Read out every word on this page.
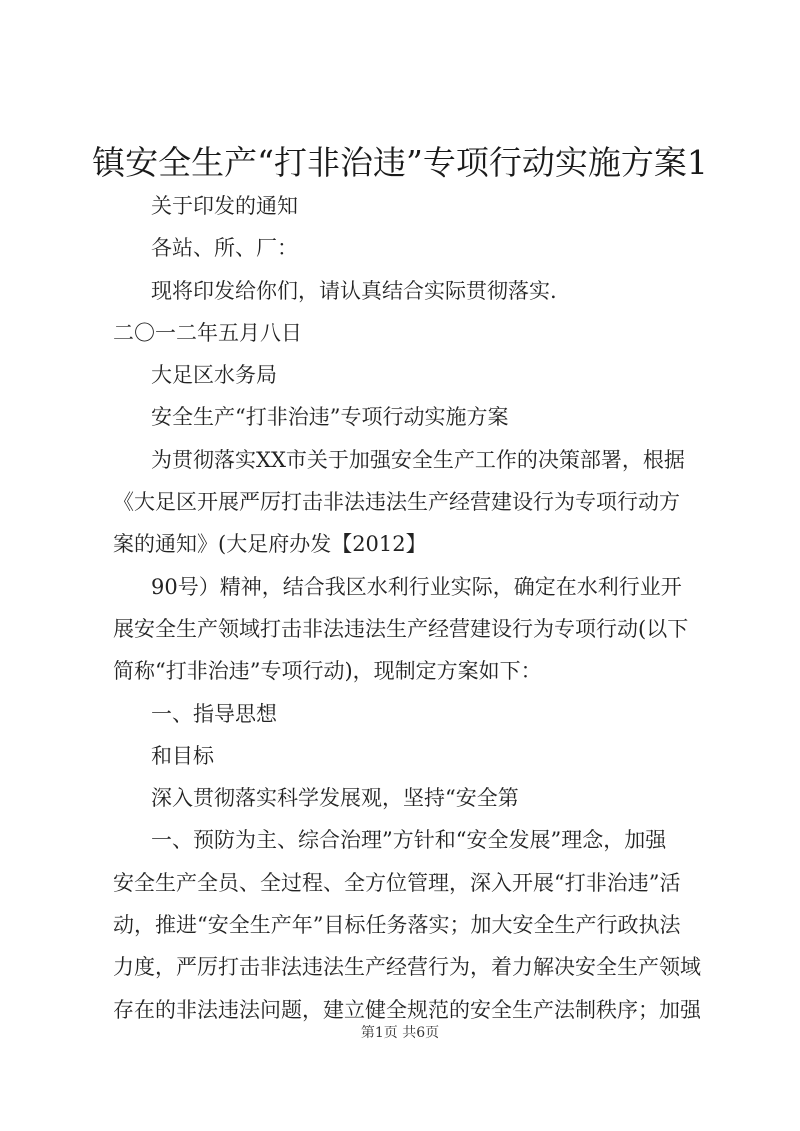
镇安全生产“打非治违”专项行动实施方案1
关于印发的通知
各站、所、厂：
现将印发给你们，请认真结合实际贯彻落实.
二〇一二年五月八日
大足区水务局
安全生产“打非治违”专项行动实施方案
为贯彻落实XX市关于加强安全生产工作的决策部署，根据
《大足区开展严厉打击非法违法生产经营建设行为专项行动方
案的通知》(大足府办发【2012】
90号）精神，结合我区水利行业实际，确定在水利行业开
展安全生产领域打击非法违法生产经营建设行为专项行动(以下
简称“打非治违”专项行动)，现制定方案如下：
一、指导思想
和目标
深入贯彻落实科学发展观，坚持“安全第
一、预防为主、综合治理”方针和“安全发展”理念，加强
安全生产全员、全过程、全方位管理，深入开展“打非治违”活
动，推进“安全生产年”目标任务落实；加大安全生产行政执法
力度，严厉打击非法违法生产经营行为，着力解决安全生产领域
存在的非法违法问题，建立健全规范的安全生产法制秩序；加强
第1页 共6页
